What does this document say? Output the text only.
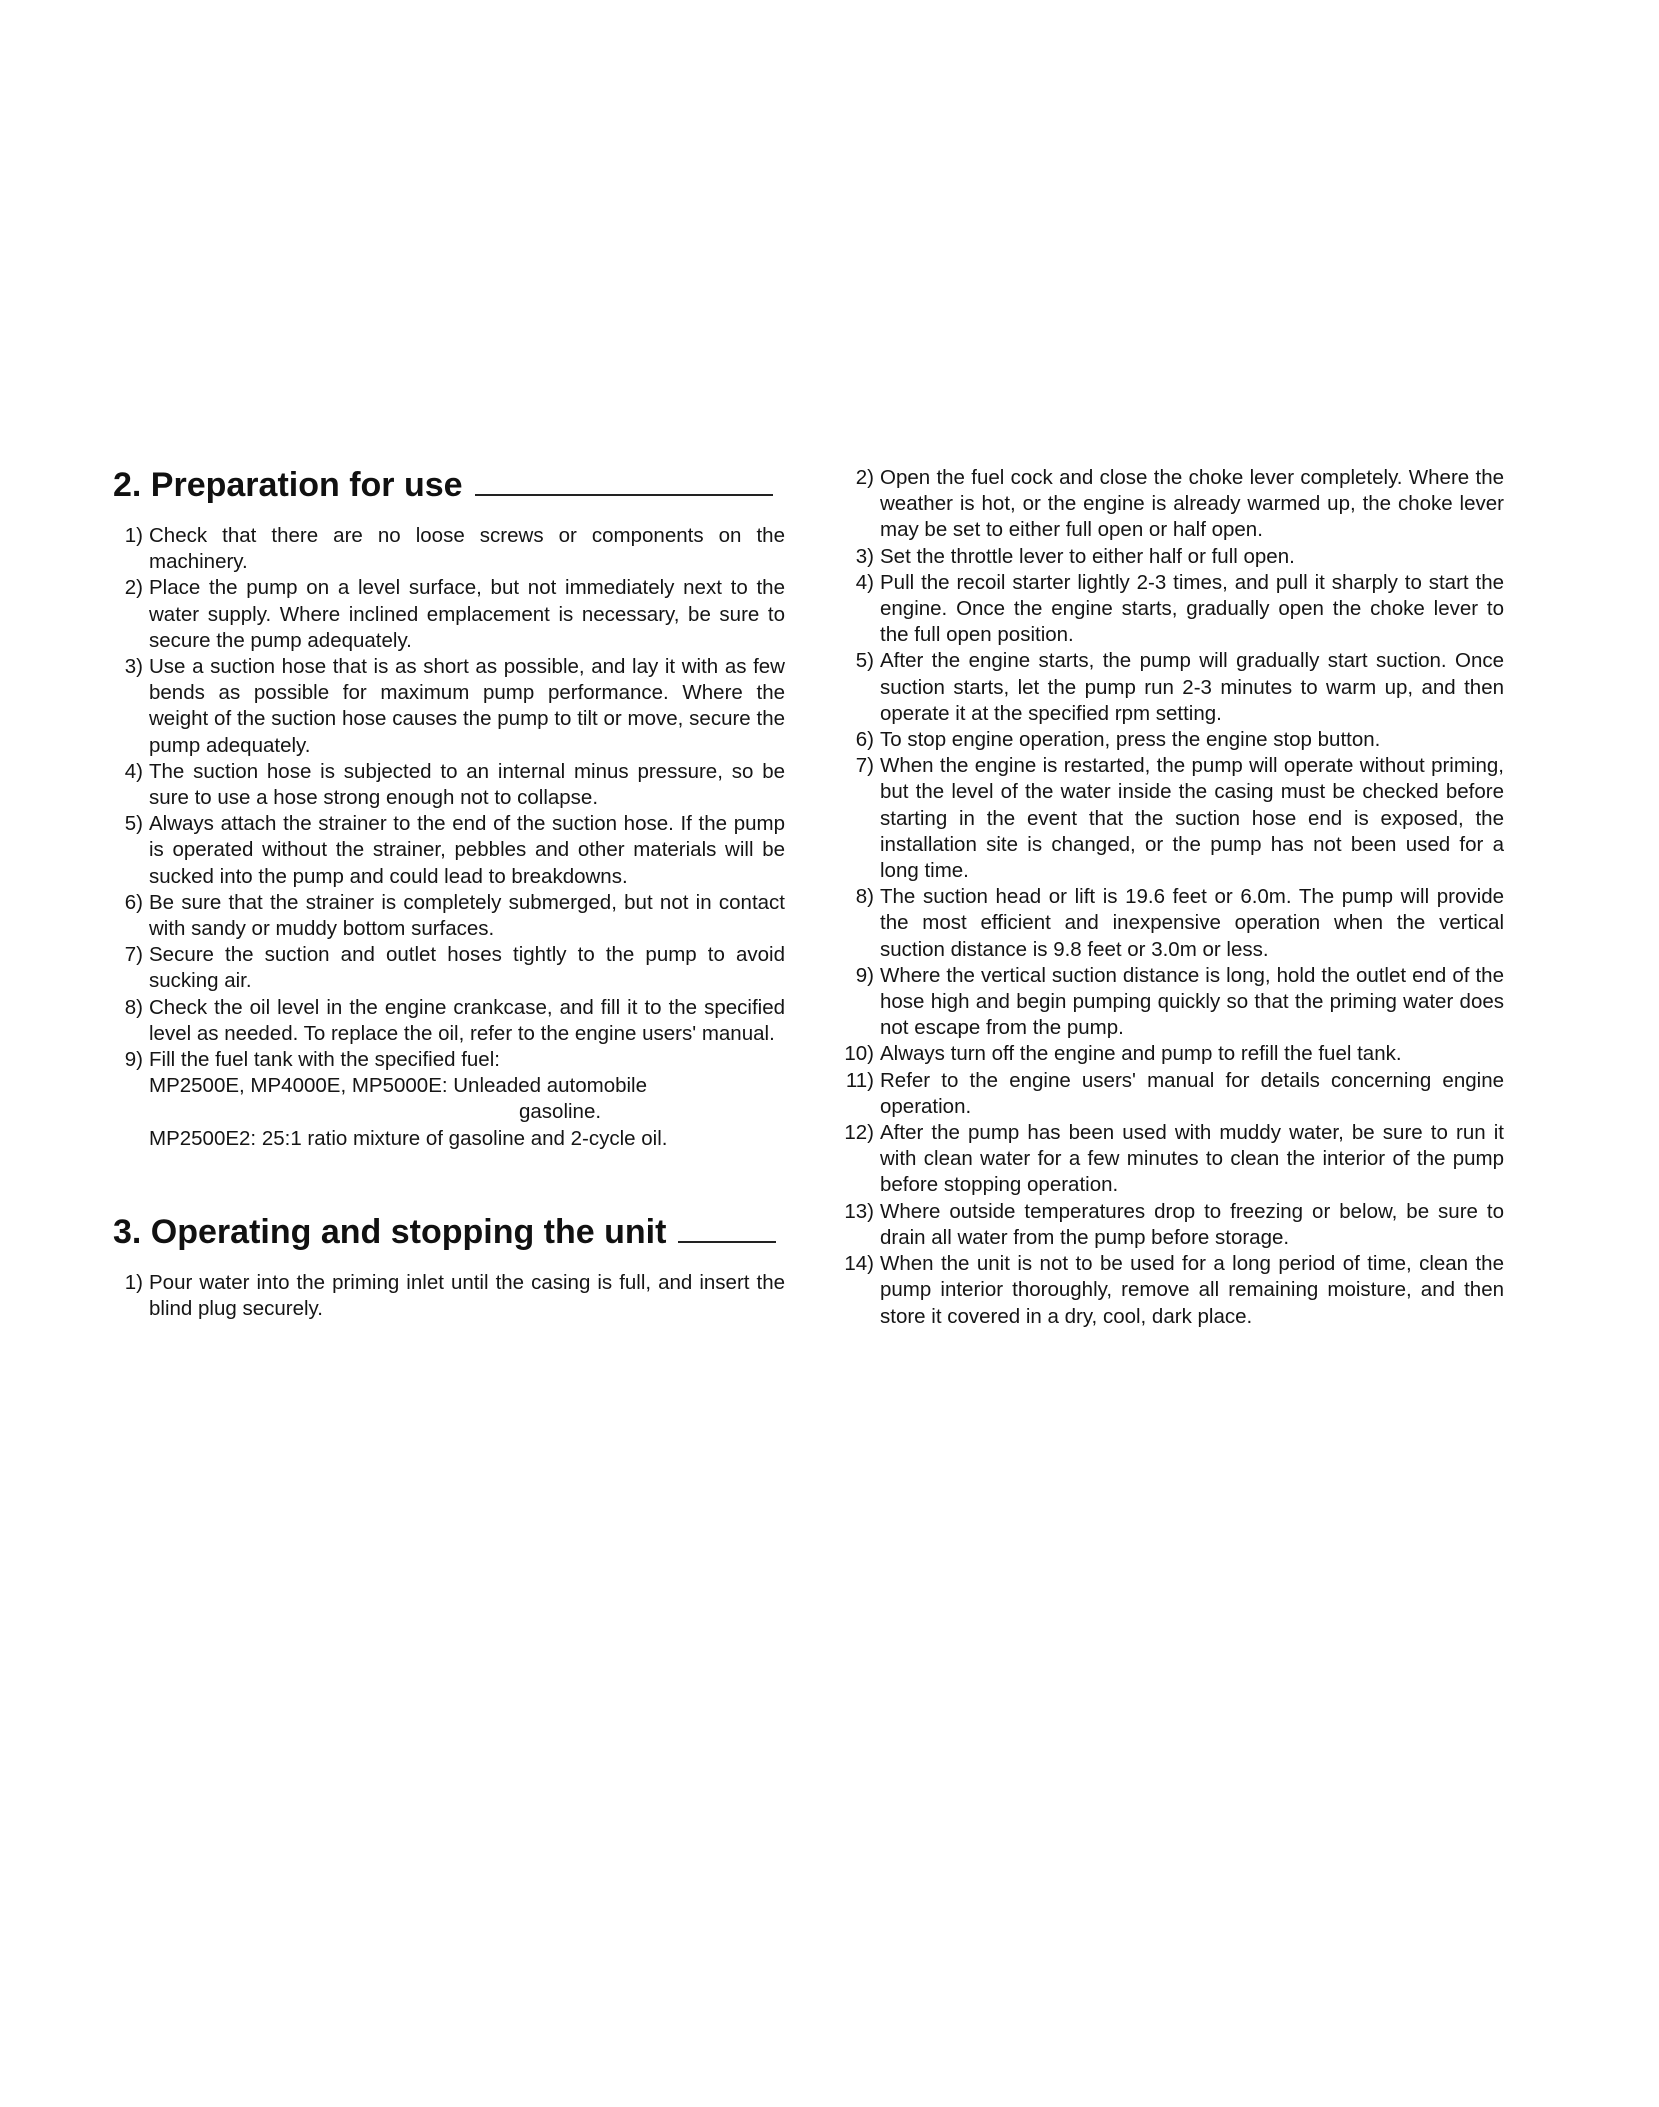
2. Preparation for use
1) Check that there are no loose screws or components on the machinery.
2) Place the pump on a level surface, but not immediately next to the water supply. Where inclined emplacement is necessary, be sure to secure the pump adequately.
3) Use a suction hose that is as short as possible, and lay it with as few bends as possible for maximum pump performance. Where the weight of the suction hose causes the pump to tilt or move, secure the pump adequately.
4) The suction hose is subjected to an internal minus pressure, so be sure to use a hose strong enough not to collapse.
5) Always attach the strainer to the end of the suction hose. If the pump is operated without the strainer, pebbles and other materials will be sucked into the pump and could lead to breakdowns.
6) Be sure that the strainer is completely submerged, but not in contact with sandy or muddy bottom surfaces.
7) Secure the suction and outlet hoses tightly to the pump to avoid sucking air.
8) Check the oil level in the engine crankcase, and fill it to the specified level as needed. To replace the oil, refer to the engine users' manual.
9) Fill the fuel tank with the specified fuel:
MP2500E, MP4000E, MP5000E: Unleaded automobile
gasoline.
MP2500E2: 25:1 ratio mixture of gasoline and 2-cycle oil.
3. Operating and stopping the unit
1) Pour water into the priming inlet until the casing is full, and insert the blind plug securely.
2) Open the fuel cock and close the choke lever completely. Where the weather is hot, or the engine is already warmed up, the choke lever may be set to either full open or half open.
3) Set the throttle lever to either half or full open.
4) Pull the recoil starter lightly 2-3 times, and pull it sharply to start the engine. Once the engine starts, gradually open the choke lever to the full open position.
5) After the engine starts, the pump will gradually start suction. Once suction starts, let the pump run 2-3 minutes to warm up, and then operate it at the specified rpm setting.
6) To stop engine operation, press the engine stop button.
7) When the engine is restarted, the pump will operate without priming, but the level of the water inside the casing must be checked before starting in the event that the suction hose end is exposed, the installation site is changed, or the pump has not been used for a long time.
8) The suction head or lift is 19.6 feet or 6.0m. The pump will provide the most efficient and inexpensive operation when the vertical suction distance is 9.8 feet or 3.0m or less.
9) Where the vertical suction distance is long, hold the outlet end of the hose high and begin pumping quickly so that the priming water does not escape from the pump.
10) Always turn off the engine and pump to refill the fuel tank.
11) Refer to the engine users' manual for details concerning engine operation.
12) After the pump has been used with muddy water, be sure to run it with clean water for a few minutes to clean the interior of the pump before stopping operation.
13) Where outside temperatures drop to freezing or below, be sure to drain all water from the pump before storage.
14) When the unit is not to be used for a long period of time, clean the pump interior thoroughly, remove all remaining moisture, and then store it covered in a dry, cool, dark place.
